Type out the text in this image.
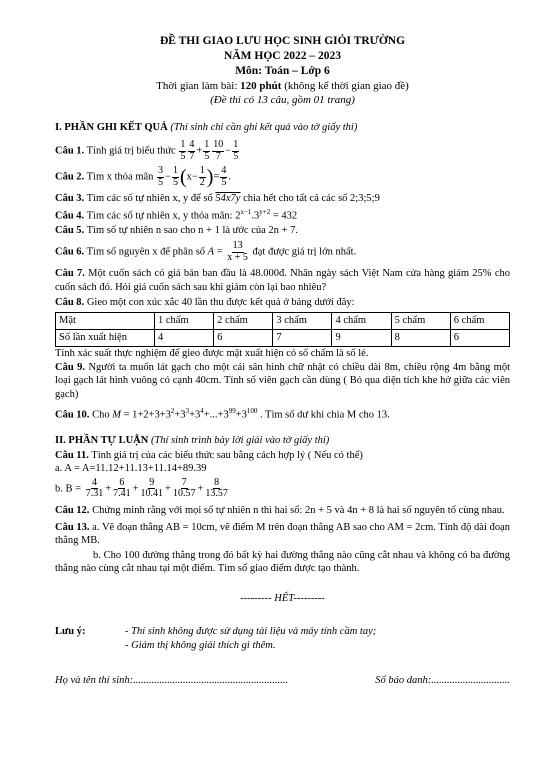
ĐỀ THI GIAO LƯU HỌC SINH GIỎI TRƯỜNG
NĂM HỌC 2022 – 2023
Môn: Toán – Lớp 6
Thời gian làm bài: 120 phút (không kể thời gian giao đề)
(Đề thi có 13 câu, gồm 01 trang)
I. PHẦN GHI KẾT QUẢ (Thí sinh chỉ cần ghi kết quả vào tờ giấy thi)

Câu 1. Tính giá trị biểu thức $\frac{1}{5} \frac{4}{7} + \frac{1}{5} \frac{10}{7} - \frac{1}{5}$

Câu 2. Tìm x thỏa mãn $\frac{3}{5} - \frac{1}{5} (x- \frac{1}{2}$ )= $\frac{4}{5}$ .

Câu 3. Tìm các số tự nhiên x, y để số 54x7y chia hết cho tất cả các số 2;3;5;9

Câu 4. Tìm các số tự nhiên x, y thỏa mãn: $2^{x-1}.3^{y+2} = 432$

Câu 5. Tìm số tự nhiên n sao cho n + 1 là ước của 2n + 7.

Câu 6. Tìm số nguyên x để phân số $A = \frac{13}{x + 5}$ đạt được giá trị lớn nhất.

Câu 7. Một cuốn sách có giá bán ban đầu là 48.000đ. Nhân ngày sách Việt Nam cửa hàng giảm 25% cho cuốn sách đó. Hỏi giá cuốn sách sau khi giảm còn lại bao nhiêu?

Câu 8. Gieo một con xúc xắc 40 lần thu được kết quả ở bảng dưới đây:

Mặt	1 chấm	2 chấm	3 chấm	4 chấm	5 chấm	6 chấm
Số lần xuất hiện	4	6	7	9	8	6

Tính xác suất thực nghiệm để gieo được mặt xuất hiện có số chấm là số lẻ.

Câu 9. Người ta muốn lát gạch cho một cái sân hình chữ nhật có chiều dài 8m, chiều rộng 4m bằng một loại gạch lát hình vuông có cạnh 40cm. Tính số viên gạch cần dùng ( Bỏ qua diện tích khe hở giữa các viên gạch)

Câu 10. Cho $M = 1+2+3+3^2+3^3+3^4+...+3^{99}+3^{100}$ . Tìm số dư khi chia M cho 13.

II. PHẦN TỰ LUẬN (Thí sinh trình bày lời giải vào tờ giấy thi)

Câu 11. Tính giá trị của các biểu thức sau bằng cách hợp lý ( Nếu có thể)

a. A = A=11.12+11.13+11.14+89.39

b. $B = \frac{4}{7.31} + \frac{6}{7.41} + \frac{9}{10.41} + \frac{7}{10.57} + \frac{8}{13.57}$

Câu 12. Chứng minh rằng với mọi số tự nhiên n thì hai số: 2n + 5 và 4n + 8 là hai số nguyên tố cùng nhau.

Câu 13. a. Vẽ đoạn thẳng AB = 10cm, vẽ điểm M trên đoạn thẳng AB sao cho AM = 2cm. Tính độ dài đoạn thẳng MB.

b. Cho 100 đường thẳng trong đó bất kỳ hai đường thẳng nào cũng cắt nhau và không có ba đường thẳng nào cùng cắt nhau tại một điểm. Tìm số giao điểm được tạo thành.

--------- HẾT---------
Lưu ý:	- Thí sinh không được sử dụng tài liệu và máy tính cầm tay;
- Giám thị không giải thích gì thêm.
Họ và tên thí sinh:...........................................................	Số báo danh:..............................
